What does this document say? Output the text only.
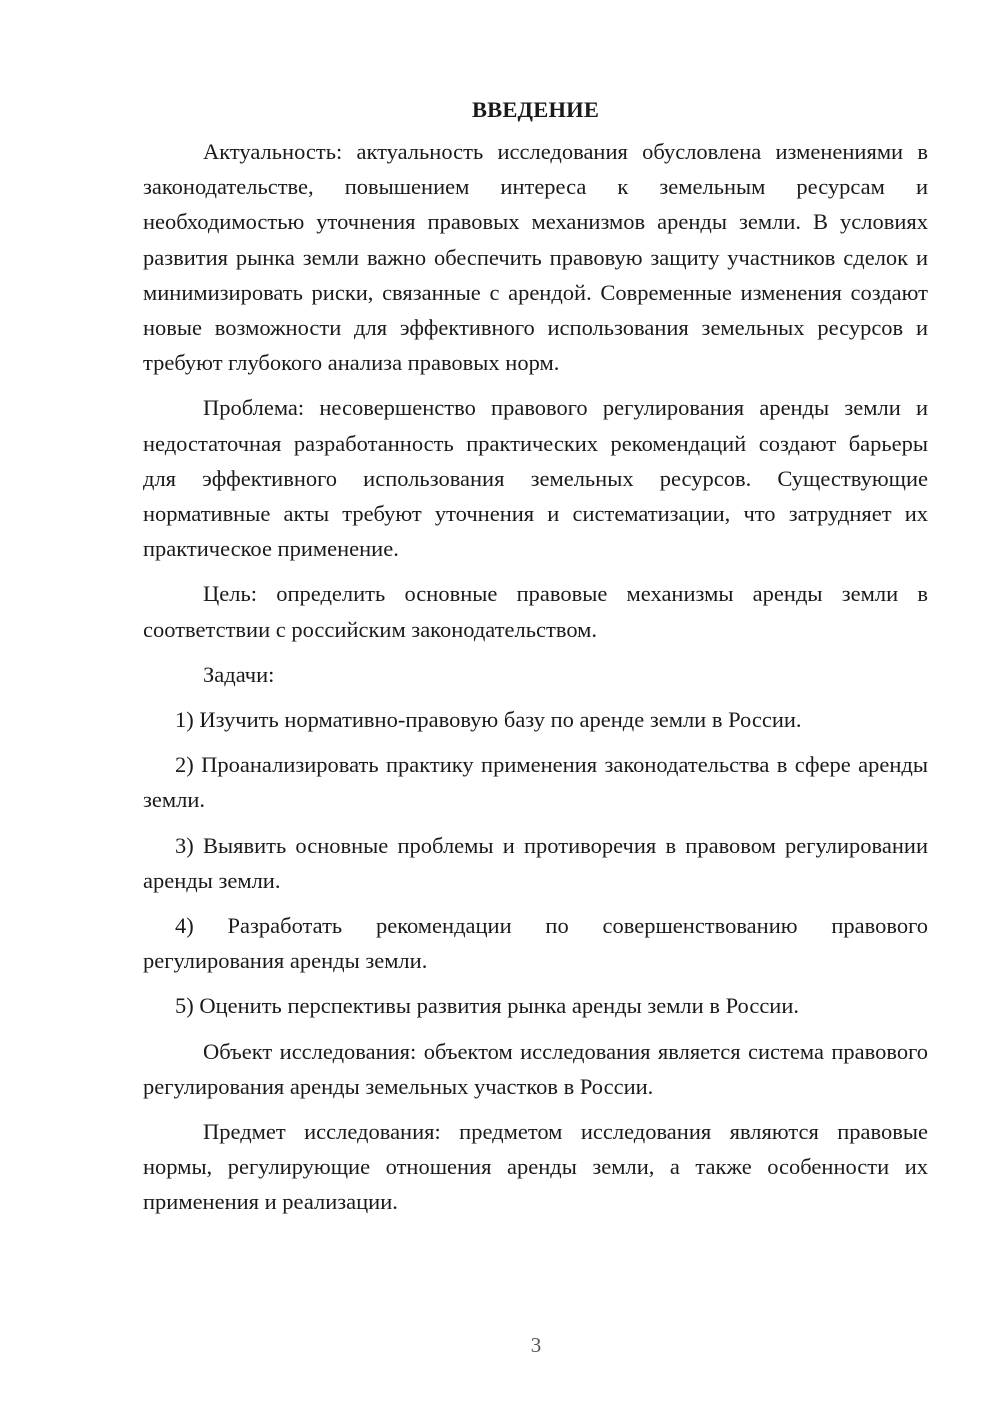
ВВЕДЕНИЕ

Актуальность: актуальность исследования обусловлена изменениями в законодательстве, повышением интереса к земельным ресурсам и необходимостью уточнения правовых механизмов аренды земли. В условиях развития рынка земли важно обеспечить правовую защиту участников сделок и минимизировать риски, связанные с арендой. Современные изменения создают новые возможности для эффективного использования земельных ресурсов и требуют глубокого анализа правовых норм.

Проблема: несовершенство правового регулирования аренды земли и недостаточная разработанность практических рекомендаций создают барьеры для эффективного использования земельных ресурсов. Существующие нормативные акты требуют уточнения и систематизации, что затрудняет их практическое применение.

Цель: определить основные правовые механизмы аренды земли в соответствии с российским законодательством.

Задачи:

1) Изучить нормативно-правовую базу по аренде земли в России.

2) Проанализировать практику применения законодательства в сфере аренды земли.

3) Выявить основные проблемы и противоречия в правовом регулировании аренды земли.

4) Разработать рекомендации по совершенствованию правового регулирования аренды земли.

5) Оценить перспективы развития рынка аренды земли в России.

Объект исследования: объектом исследования является система правового регулирования аренды земельных участков в России.

Предмет исследования: предметом исследования являются правовые нормы, регулирующие отношения аренды земли, а также особенности их применения и реализации.

3
